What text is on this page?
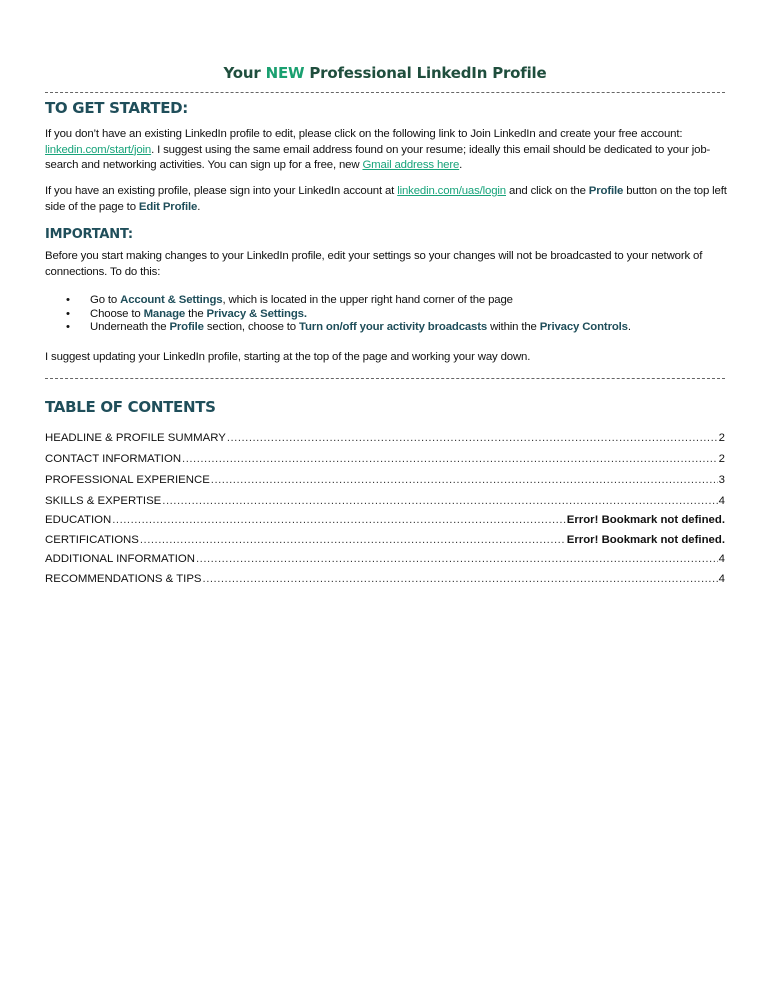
Your NEW Professional LinkedIn Profile
TO GET STARTED:
If you don’t have an existing LinkedIn profile to edit, please click on the following link to Join LinkedIn and create your free account: linkedin.com/start/join. I suggest using the same email address found on your resume; ideally this email should be dedicated to your job-search and networking activities. You can sign up for a free, new Gmail address here.
If you have an existing profile, please sign into your LinkedIn account at linkedin.com/uas/login and click on the Profile button on the top left side of the page to Edit Profile.
IMPORTANT:
Before you start making changes to your LinkedIn profile, edit your settings so your changes will not be broadcasted to your network of connections. To do this:
• Go to Account & Settings, which is located in the upper right hand corner of the page
• Choose to Manage the Privacy & Settings.
• Underneath the Profile section, choose to Turn on/off your activity broadcasts within the Privacy Controls.
I suggest updating your LinkedIn profile, starting at the top of the page and working your way down.
TABLE OF CONTENTS
HEADLINE & PROFILE SUMMARY .....	2
CONTACT INFORMATION .....	2
PROFESSIONAL EXPERIENCE .....	3
SKILLS & EXPERTISE .....	4
EDUCATION .....	Error! Bookmark not defined.
CERTIFICATIONS .....	Error! Bookmark not defined.
ADDITIONAL INFORMATION .....	4
RECOMMENDATIONS & TIPS .....	4
